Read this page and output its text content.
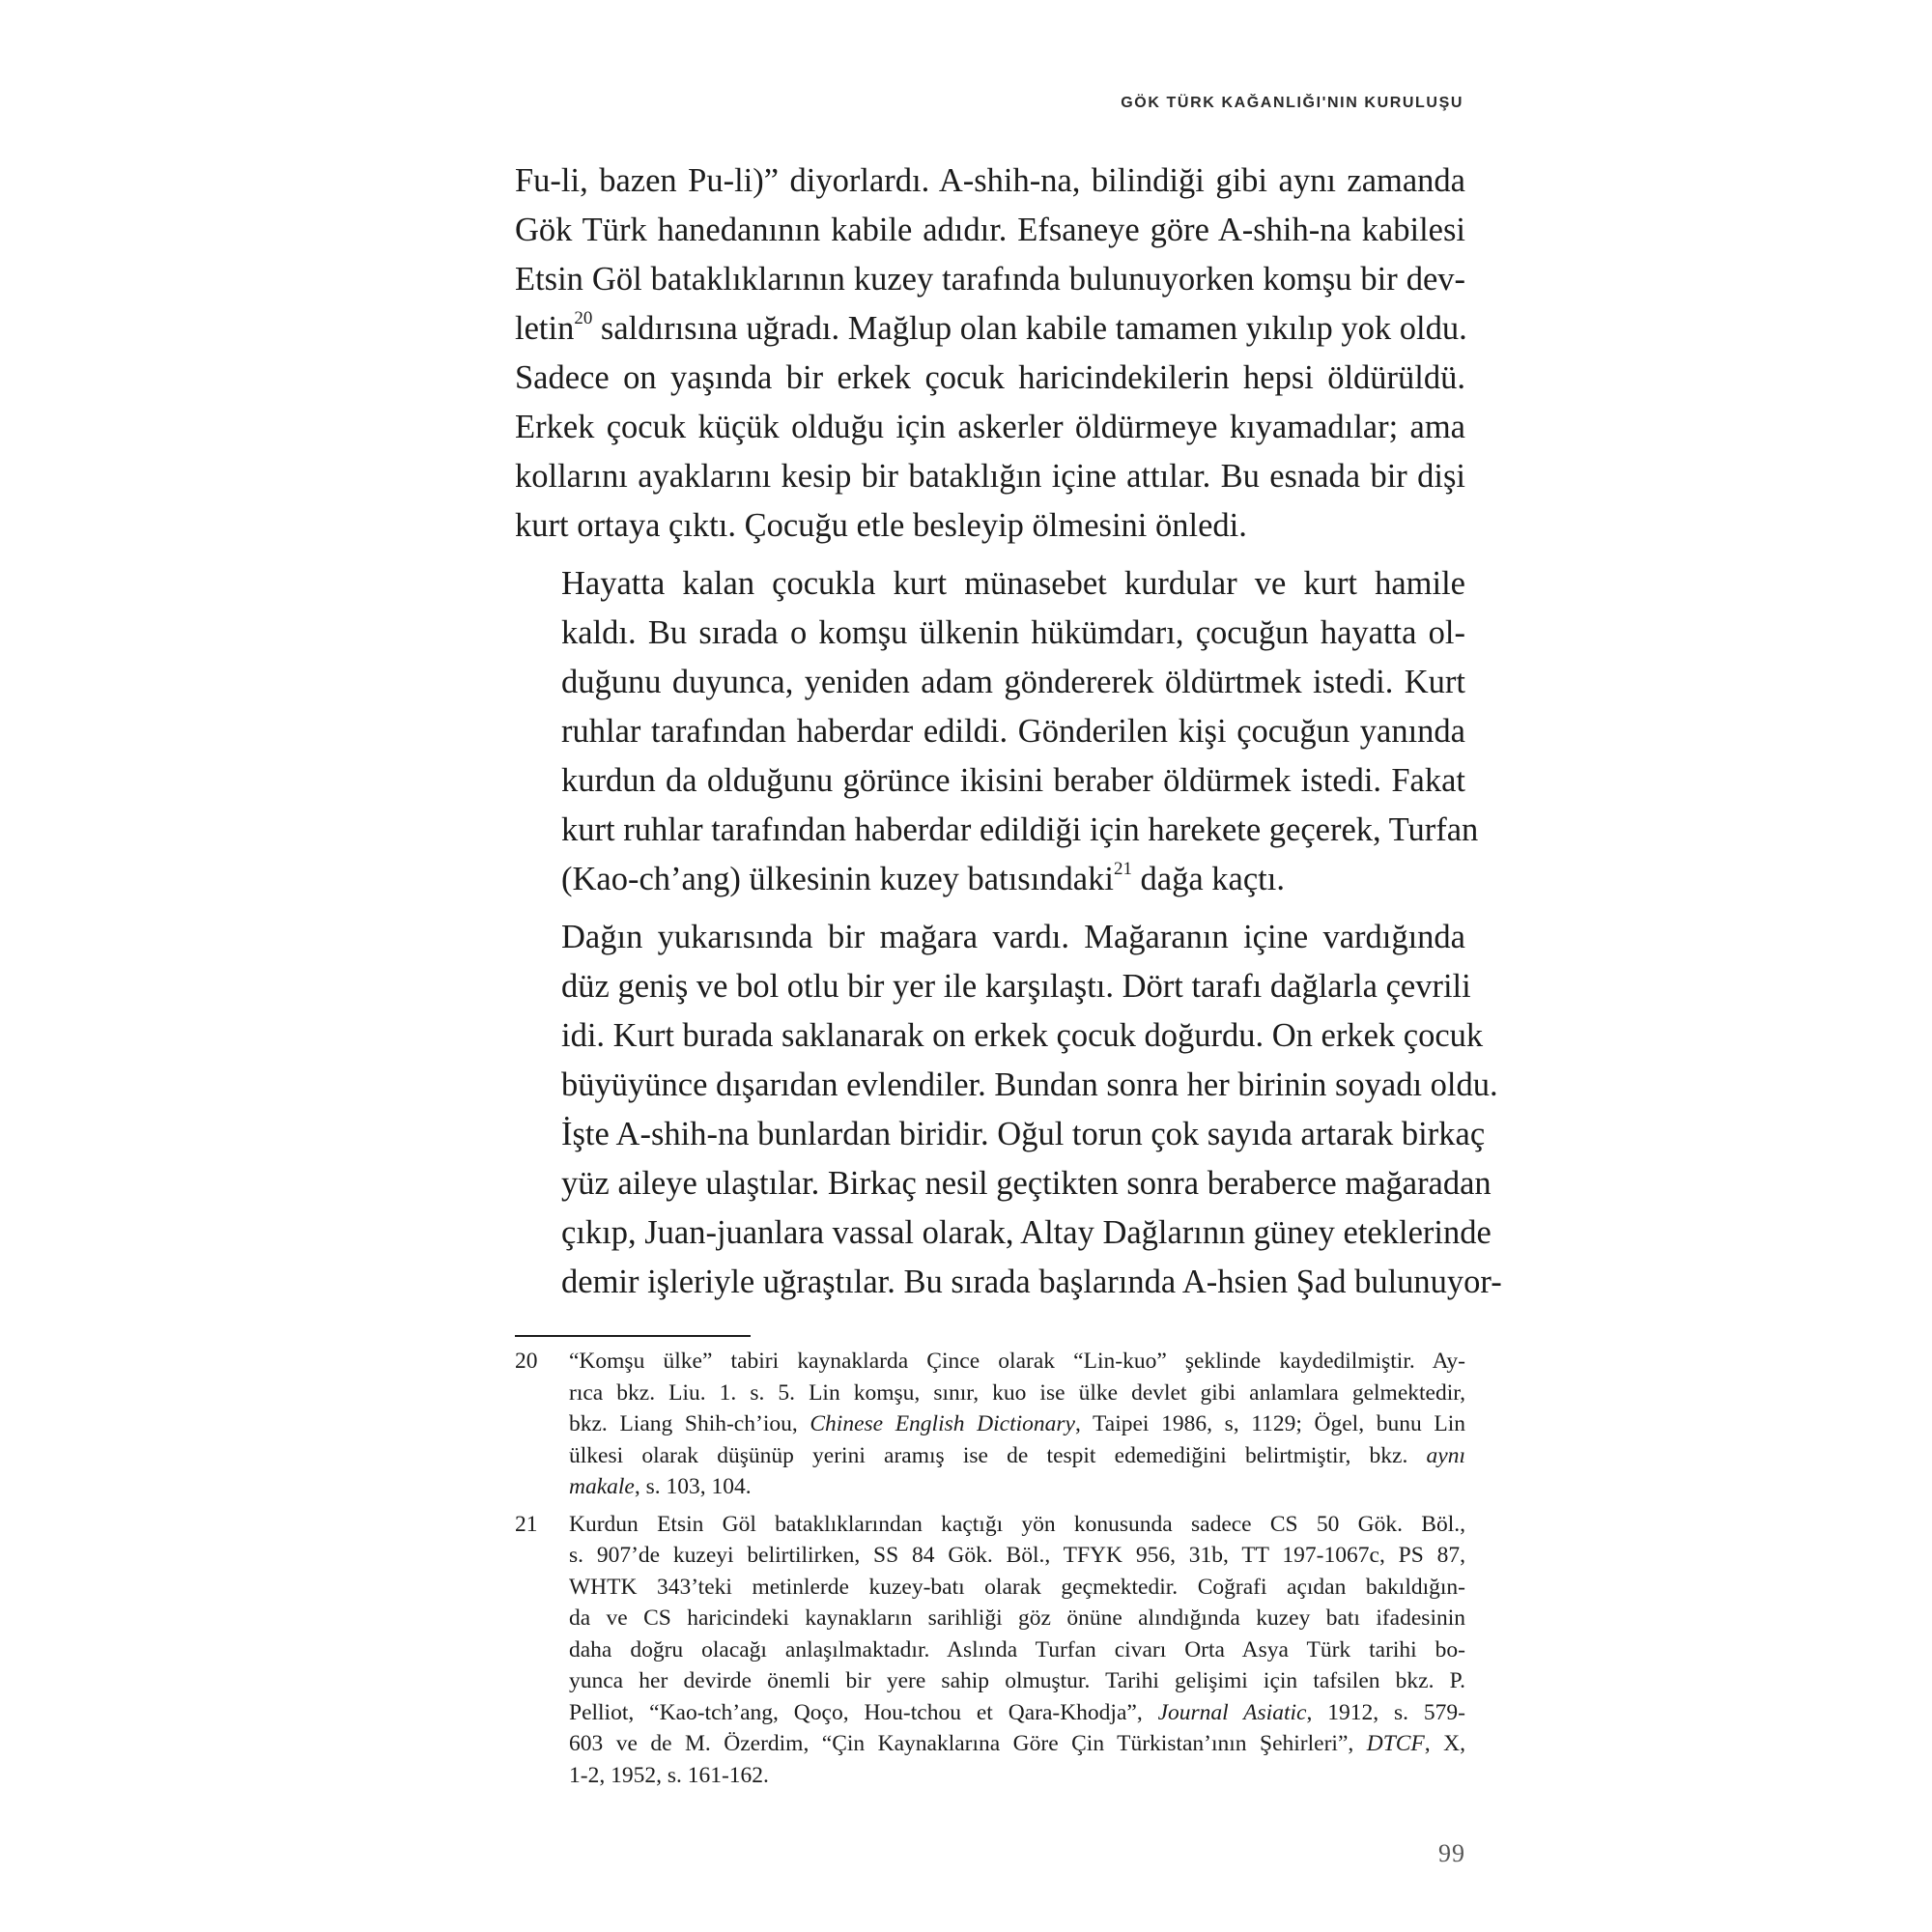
GÖK TÜRK KAĞANLIĞI'NIN KURULUŞU

Fu-li, bazen Pu-li)” diyorlardı. A-shih-na, bilindiği gibi aynı zamanda
Gök Türk hanedanının kabile adıdır. Efsaneye göre A-shih-na kabilesi
Etsin Göl bataklıklarının kuzey tarafında bulunuyorken komşu bir dev-
letin$^{20}$ saldırısına uğradı. Mağlup olan kabile tamamen yıkılıp yok oldu.
Sadece on yaşında bir erkek çocuk haricindekilerin hepsi öldürüldü.
Erkek çocuk küçük olduğu için askerler öldürmeye kıyamadılar; ama
kollarını ayaklarını kesip bir bataklığın içine attılar. Bu esnada bir dişi
kurt ortaya çıktı. Çocuğu etle besleyip ölmesini önledi.

Hayatta kalan çocukla kurt münasebet kurdular ve kurt hamile
kaldı. Bu sırada o komşu ülkenin hükümdarı, çocuğun hayatta ol-
duğunu duyunca, yeniden adam göndererek öldürtmek istedi. Kurt
ruhlar tarafından haberdar edildi. Gönderilen kişi çocuğun yanında
kurdun da olduğunu görünce ikisini beraber öldürmek istedi. Fakat
kurt ruhlar tarafından haberdar edildiği için harekete geçerek, Turfan
(Kao-ch’ang) ülkesinin kuzey batısındaki$^{21}$ dağa kaçtı.

Dağın yukarısında bir mağara vardı. Mağaranın içine vardığında
düz geniş ve bol otlu bir yer ile karşılaştı. Dört tarafı dağlarla çevrili
idi. Kurt burada saklanarak on erkek çocuk doğurdu. On erkek çocuk
büyüyünce dışarıdan evlendiler. Bundan sonra her birinin soyadı oldu.
İşte A-shih-na bunlardan biridir. Oğul torun çok sayıda artarak birkaç
yüz aileye ulaştılar. Birkaç nesil geçtikten sonra beraberce mağaradan
çıkıp, Juan-juanlara vassal olarak, Altay Dağlarının güney eteklerinde
demir işleriyle uğraştılar. Bu sırada başlarında A-hsien Şad bulunuyor-

20 “Komşu ülke” tabiri kaynaklarda Çince olarak “Lin-kuo” şeklinde kaydedilmiştir. Ay-
rıca bkz. Liu. 1. s. 5. Lin komşu, sınır, kuo ise ülke devlet gibi anlamlara gelmektedir,
bkz. Liang Shih-ch’iou, Chinese English Dictionary, Taipei 1986, s, 1129; Ögel, bunu Lin
ülkesi olarak düşünüp yerini aramış ise de tespit edemediğini belirtmiştir, bkz. aynı
makale, s. 103, 104.
21 Kurdun Etsin Göl bataklıklarından kaçtığı yön konusunda sadece CS 50 Gök. Böl.,
s. 907’de kuzeyi belirtilirken, SS 84 Gök. Böl., TFYK 956, 31b, TT 197-1067c, PS 87,
WHTK 343’teki metinlerde kuzey-batı olarak geçmektedir. Coğrafi açıdan bakıldığın-
da ve CS haricindeki kaynakların sarihliği göz önüne alındığında kuzey batı ifadesinin
daha doğru olacağı anlaşılmaktadır. Aslında Turfan civarı Orta Asya Türk tarihi bo-
yunca her devirde önemli bir yere sahip olmuştur. Tarihi gelişimi için tafsilen bkz. P.
Pelliot, “Kao-tch’ang, Qoço, Hou-tchou et Qara-Khodja”, Journal Asiatic, 1912, s. 579-
603 ve de M. Özerdim, “Çin Kaynaklarına Göre Çin Türkistan’ının Şehirleri”, DTCF, X,
1-2, 1952, s. 161-162.
99
